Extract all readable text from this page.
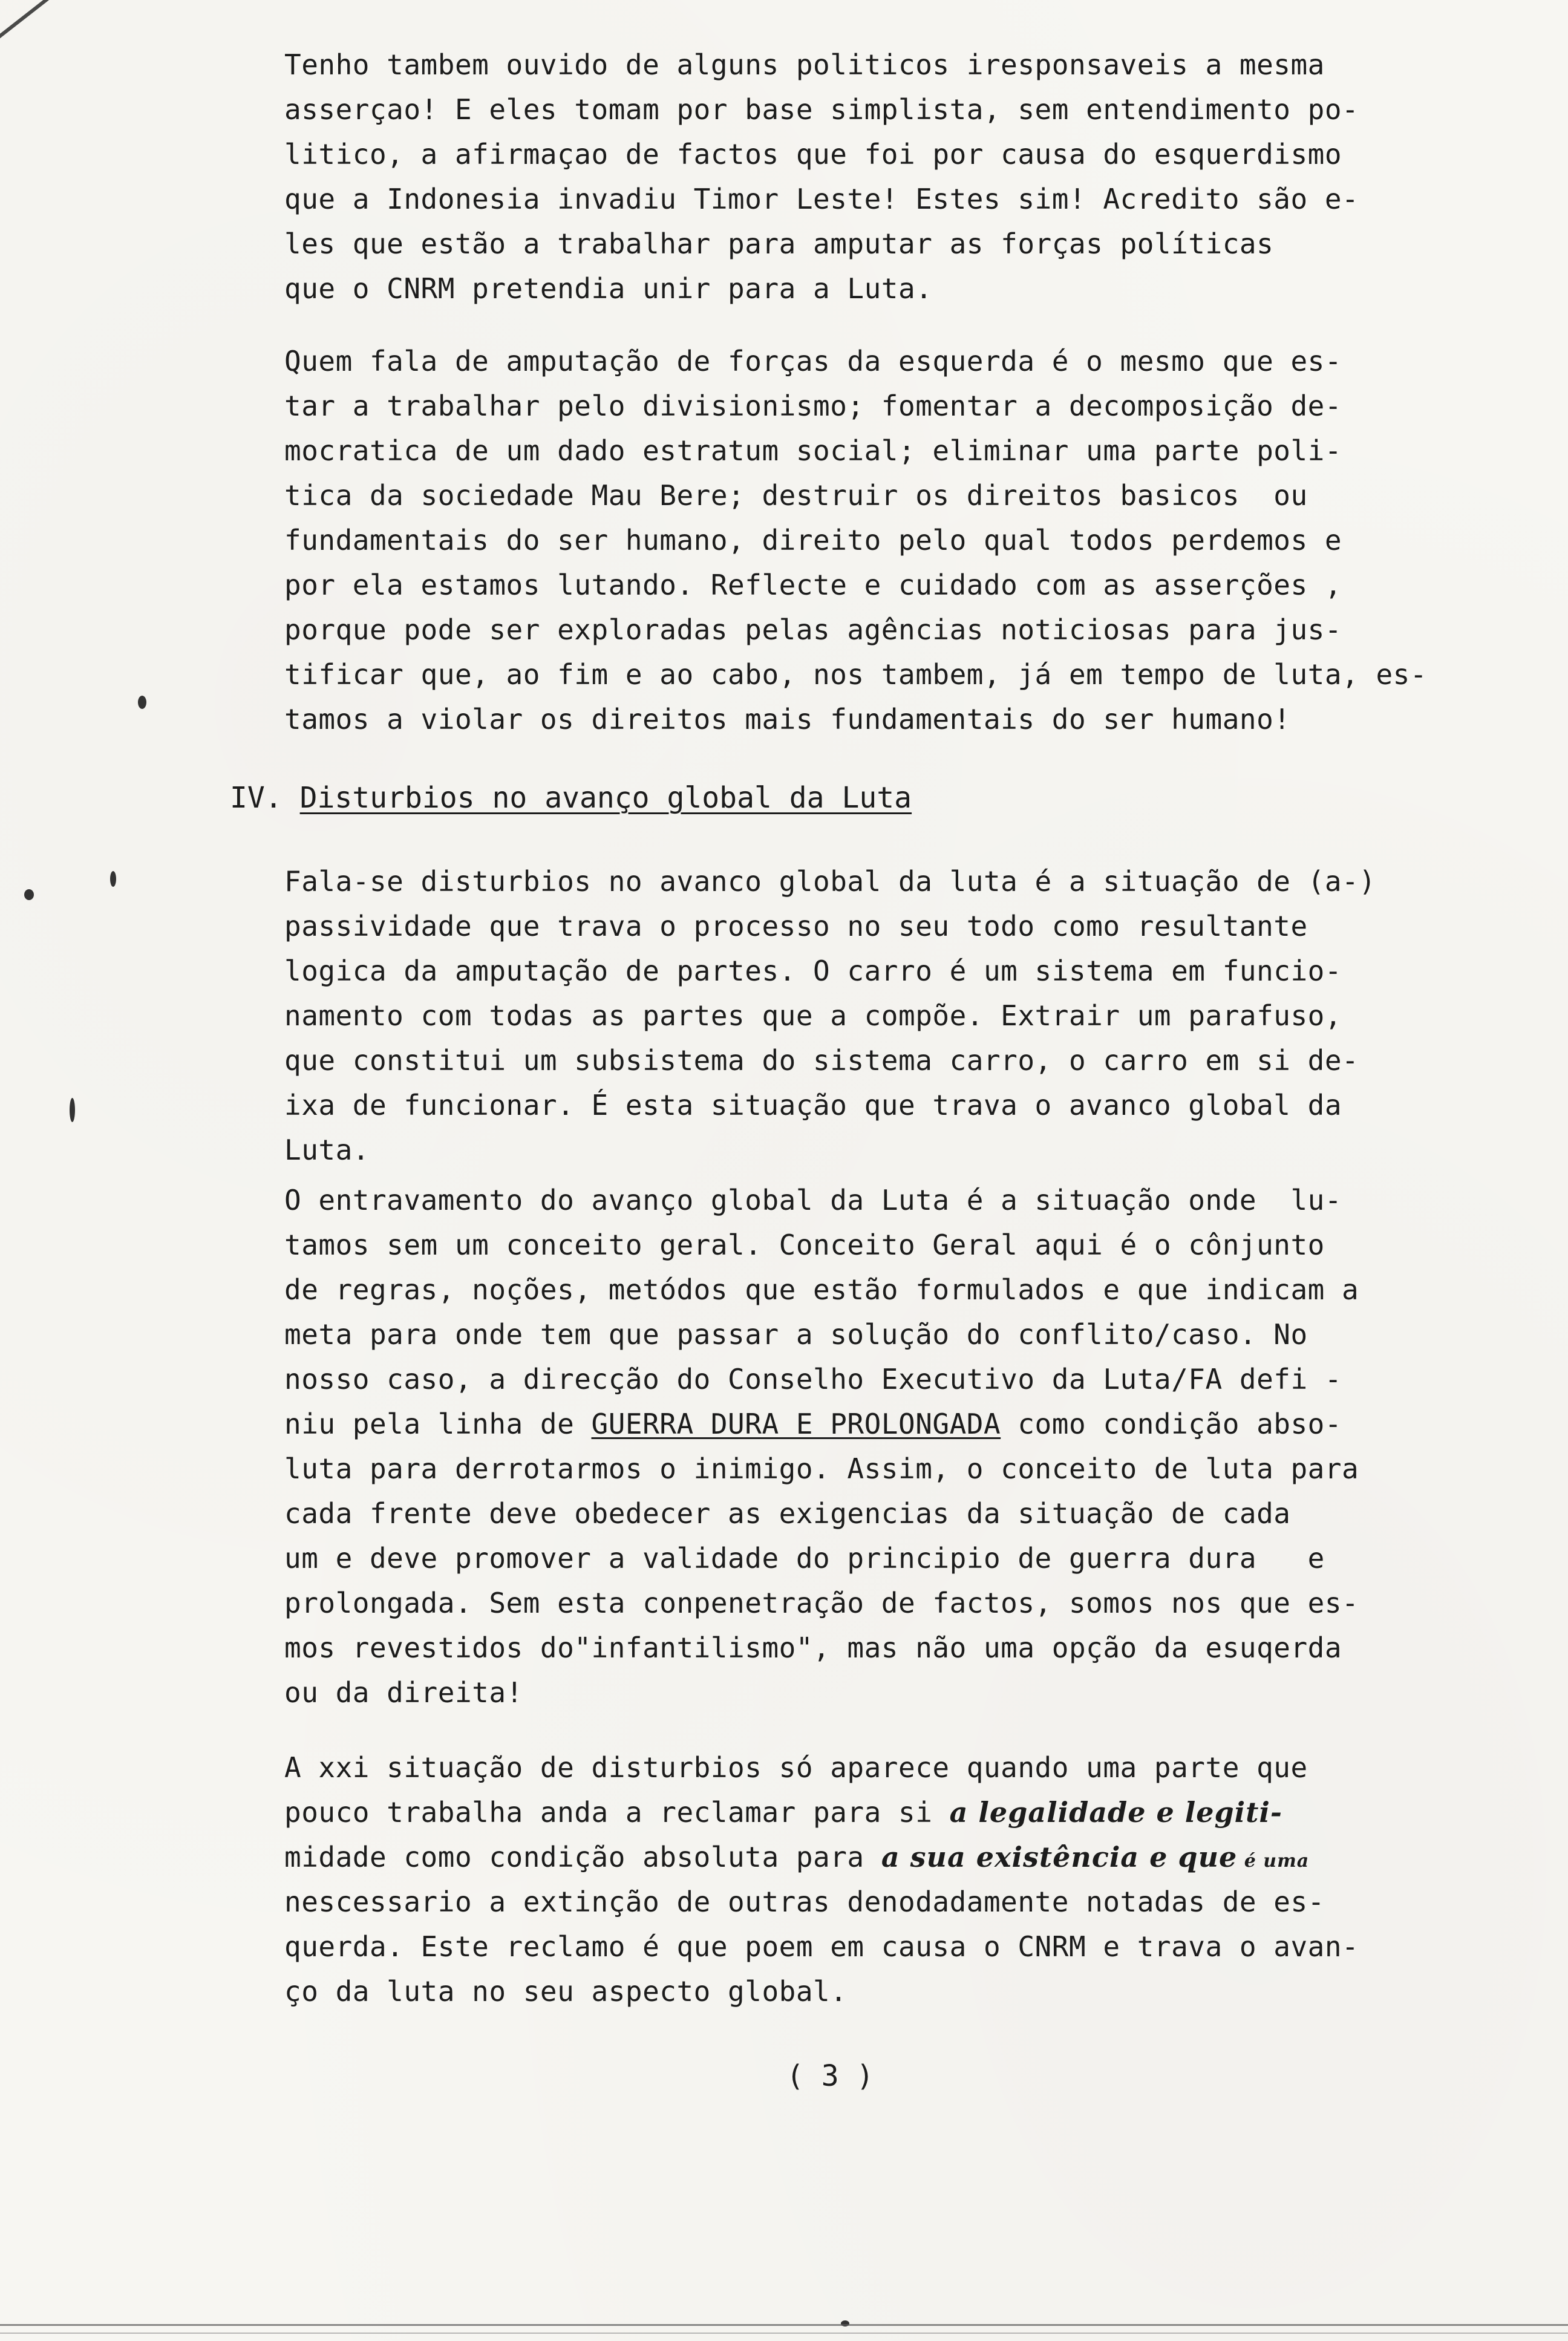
Tenho tambem ouvido de alguns politicos iresponsaveis a mesma
asserçao! E eles tomam por base simplista, sem entendimento po-
litico, a afirmaçao de factos que foi por causa do esquerdismo
que a Indonesia invadiu Timor Leste! Estes sim! Acredito são e-
les que estão a trabalhar para amputar as forças políticas
que o CNRM pretendia unir para a Luta.
Quem fala de amputação de forças da esquerda é o mesmo que es-
tar a trabalhar pelo divisionismo; fomentar a decomposição de-
mocratica de um dado estratum social; eliminar uma parte poli-
tica da sociedade Mau Bere; destruir os direitos basicos  ou
fundamentais do ser humano, direito pelo qual todos perdemos e
por ela estamos lutando. Reflecte e cuidado com as asserções ,
porque pode ser exploradas pelas agências noticiosas para jus-
tificar que, ao fim e ao cabo, nos tambem, já em tempo de luta, es-
tamos a violar os direitos mais fundamentais do ser humano!
IV. Disturbios no avanço global da Luta
Fala-se disturbios no avanco global da luta é a situação de (a-)
passividade que trava o processo no seu todo como resultante
logica da amputação de partes. O carro é um sistema em funcio-
namento com todas as partes que a compõe. Extrair um parafuso,
que constitui um subsistema do sistema carro, o carro em si de-
ixa de funcionar. É esta situação que trava o avanco global da
Luta.
O entravamento do avanço global da Luta é a situação onde  lu-
tamos sem um conceito geral. Conceito Geral aqui é o cônjunto
de regras, noções, metódos que estão formulados e que indicam a
meta para onde tem que passar a solução do conflito/caso. No
nosso caso, a direcção do Conselho Executivo da Luta/FA defi -
niu pela linha de GUERRA DURA E PROLONGADA como condição abso-
luta para derrotarmos o inimigo. Assim, o conceito de luta para
cada frente deve obedecer as exigencias da situação de cada
um e deve promover a validade do principio de guerra dura   e
prolongada. Sem esta conpenetração de factos, somos nos que es-
mos revestidos do"infantilismo", mas não uma opção da esuqerda
ou da direita!
A xxi situação de disturbios só aparece quando uma parte que
pouco trabalha anda a reclamar para si a legalidade e legiti-
midade como condição absoluta para a sua existência e que é uma
nescessario a extinção de outras denodadamente notadas de es-
querda. Este reclamo é que poem em causa o CNRM e trava o avan-
ço da luta no seu aspecto global.
( 3 )
